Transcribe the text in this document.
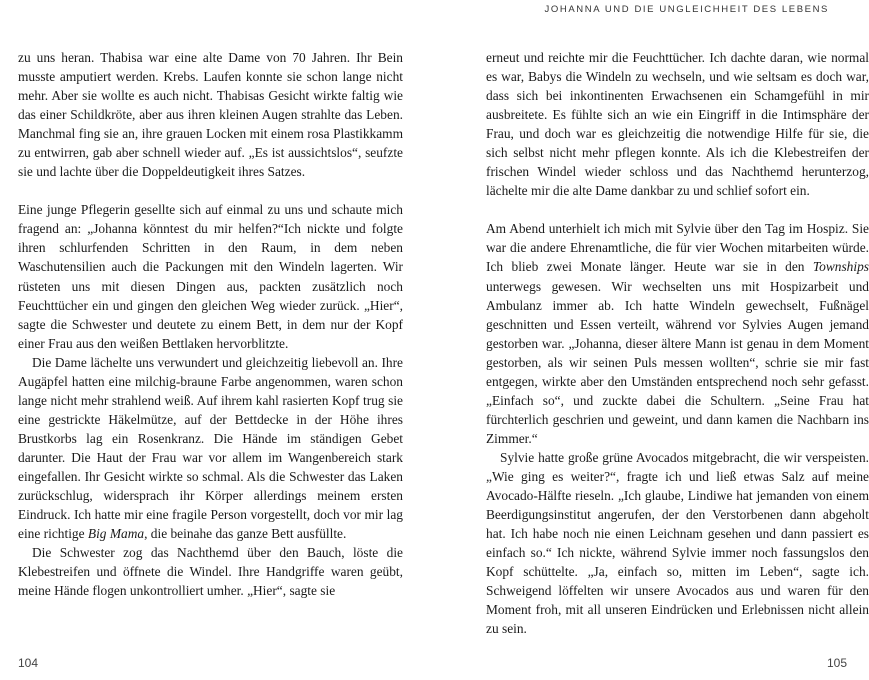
zu uns heran. Thabisa war eine alte Dame von 70 Jahren. Ihr Bein musste amputiert werden. Krebs. Laufen konnte sie schon lange nicht mehr. Aber sie wollte es auch nicht. Thabisas Gesicht wirkte faltig wie das einer Schildkröte, aber aus ihren kleinen Augen strahlte das Leben. Manchmal fing sie an, ihre grauen Locken mit einem rosa Plastikkamm zu entwirren, gab aber schnell wieder auf. „Es ist aussichtslos“, seufzte sie und lachte über die Doppeldeutigkeit ihres Satzes.

Eine junge Pflegerin gesellte sich auf einmal zu uns und schaute mich fragend an: „Johanna könntest du mir helfen?“Ich nickte und folgte ihren schlurfenden Schritten in den Raum, in dem neben Waschutensilien auch die Packungen mit den Windeln lagerten. Wir rüsteten uns mit diesen Dingen aus, packten zusätzlich noch Feuchttücher ein und gingen den gleichen Weg wieder zurück. „Hier“, sagte die Schwester und deutete zu einem Bett, in dem nur der Kopf einer Frau aus den weißen Bettlaken hervorblitzte.

Die Dame lächelte uns verwundert und gleichzeitig liebevoll an. Ihre Augäpfel hatten eine milchig-braune Farbe angenommen, waren schon lange nicht mehr strahlend weiß. Auf ihrem kahl rasierten Kopf trug sie eine gestrickte Häkelmütze, auf der Bettdecke in der Höhe ihres Brustkorbs lag ein Rosenkranz. Die Hände im ständigen Gebet darunter. Die Haut der Frau war vor allem im Wangenbereich stark eingefallen. Ihr Gesicht wirkte so schmal. Als die Schwester das Laken zurückschlug, widersprach ihr Körper allerdings meinem ersten Eindruck. Ich hatte mir eine fragile Person vorgestellt, doch vor mir lag eine richtige Big Mama, die beinahe das ganze Bett ausfüllte.

Die Schwester zog das Nachthemd über den Bauch, löste die Klebestreifen und öffnete die Windel. Ihre Handgriffe waren geübt, meine Hände flogen unkontrolliert umher. „Hier“, sagte sie

104
JOHANNA UND DIE UNGLEICHHEIT DES LEBENS

erneut und reichte mir die Feuchttücher. Ich dachte daran, wie normal es war, Babys die Windeln zu wechseln, und wie seltsam es doch war, dass sich bei inkontinenten Erwachsenen ein Schamgefühl in mir ausbreitete. Es fühlte sich an wie ein Eingriff in die Intimsphäre der Frau, und doch war es gleichzeitig die notwendige Hilfe für sie, die sich selbst nicht mehr pflegen konnte. Als ich die Klebestreifen der frischen Windel wieder schloss und das Nachthemd herunterzog, lächelte mir die alte Dame dankbar zu und schlief sofort ein.

Am Abend unterhielt ich mich mit Sylvie über den Tag im Hospiz. Sie war die andere Ehrenamtliche, die für vier Wochen mitarbeiten würde. Ich blieb zwei Monate länger. Heute war sie in den Townships unterwegs gewesen. Wir wechselten uns mit Hospizarbeit und Ambulanz immer ab. Ich hatte Windeln gewechselt, Fußnägel geschnitten und Essen verteilt, während vor Sylvies Augen jemand gestorben war. „Johanna, dieser ältere Mann ist genau in dem Moment gestorben, als wir seinen Puls messen wollten“, schrie sie mir fast entgegen, wirkte aber den Umständen entsprechend noch sehr gefasst. „Einfach so“, und zuckte dabei die Schultern. „Seine Frau hat fürchterlich geschrien und geweint, und dann kamen die Nachbarn ins Zimmer.“

Sylvie hatte große grüne Avocados mitgebracht, die wir verspeisten. „Wie ging es weiter?“, fragte ich und ließ etwas Salz auf meine Avocado-Hälfte rieseln. „Ich glaube, Lindiwe hat jemanden von einem Beerdigungsinstitut angerufen, der den Verstorbenen dann abgeholt hat. Ich habe noch nie einen Leichnam gesehen und dann passiert es einfach so.“ Ich nickte, während Sylvie immer noch fassungslos den Kopf schüttelte. „Ja, einfach so, mitten im Leben“, sagte ich. Schweigend löffelten wir unsere Avocados aus und waren für den Moment froh, mit all unseren Eindrücken und Erlebnissen nicht allein zu sein.

105
